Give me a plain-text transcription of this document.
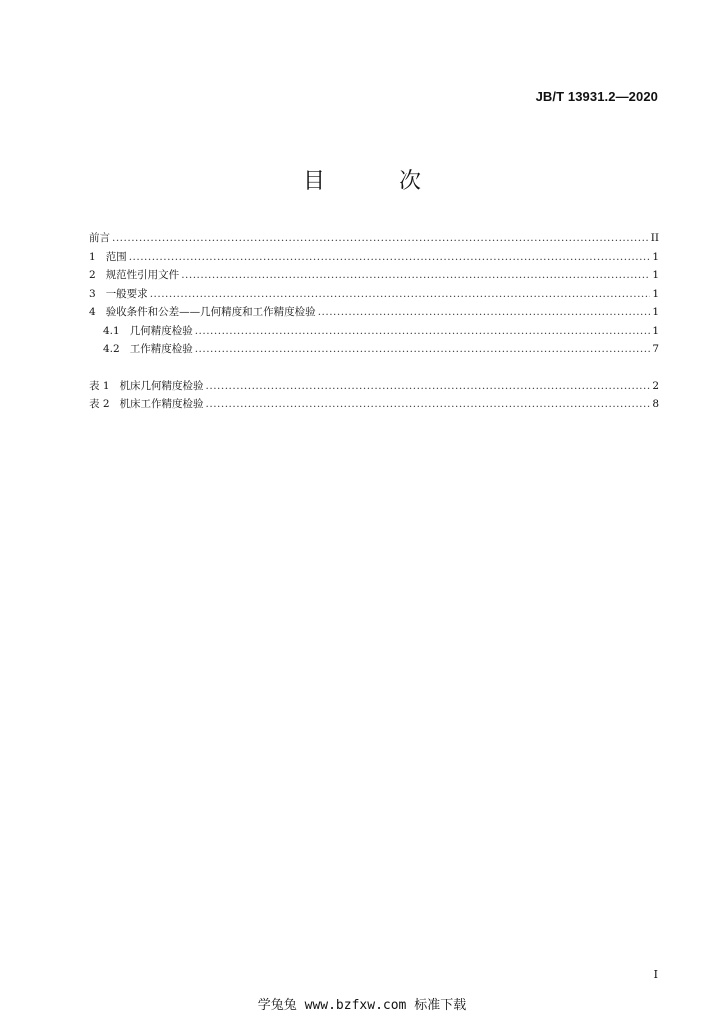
JB/T 13931.2—2020
目　次
前言 .....	II
1 范围 .....	1
2 规范性引用文件 .....	1
3 一般要求 .....	1
4 验收条件和公差——几何精度和工作精度检验 .....	1
4.1 几何精度检验 .....	1
4.2 工作精度检验 .....	7
表 1 机床几何精度检验 .....	2
表 2 机床工作精度检验 .....	8
I
学兔兔 www.bzfxw.com 标准下载
